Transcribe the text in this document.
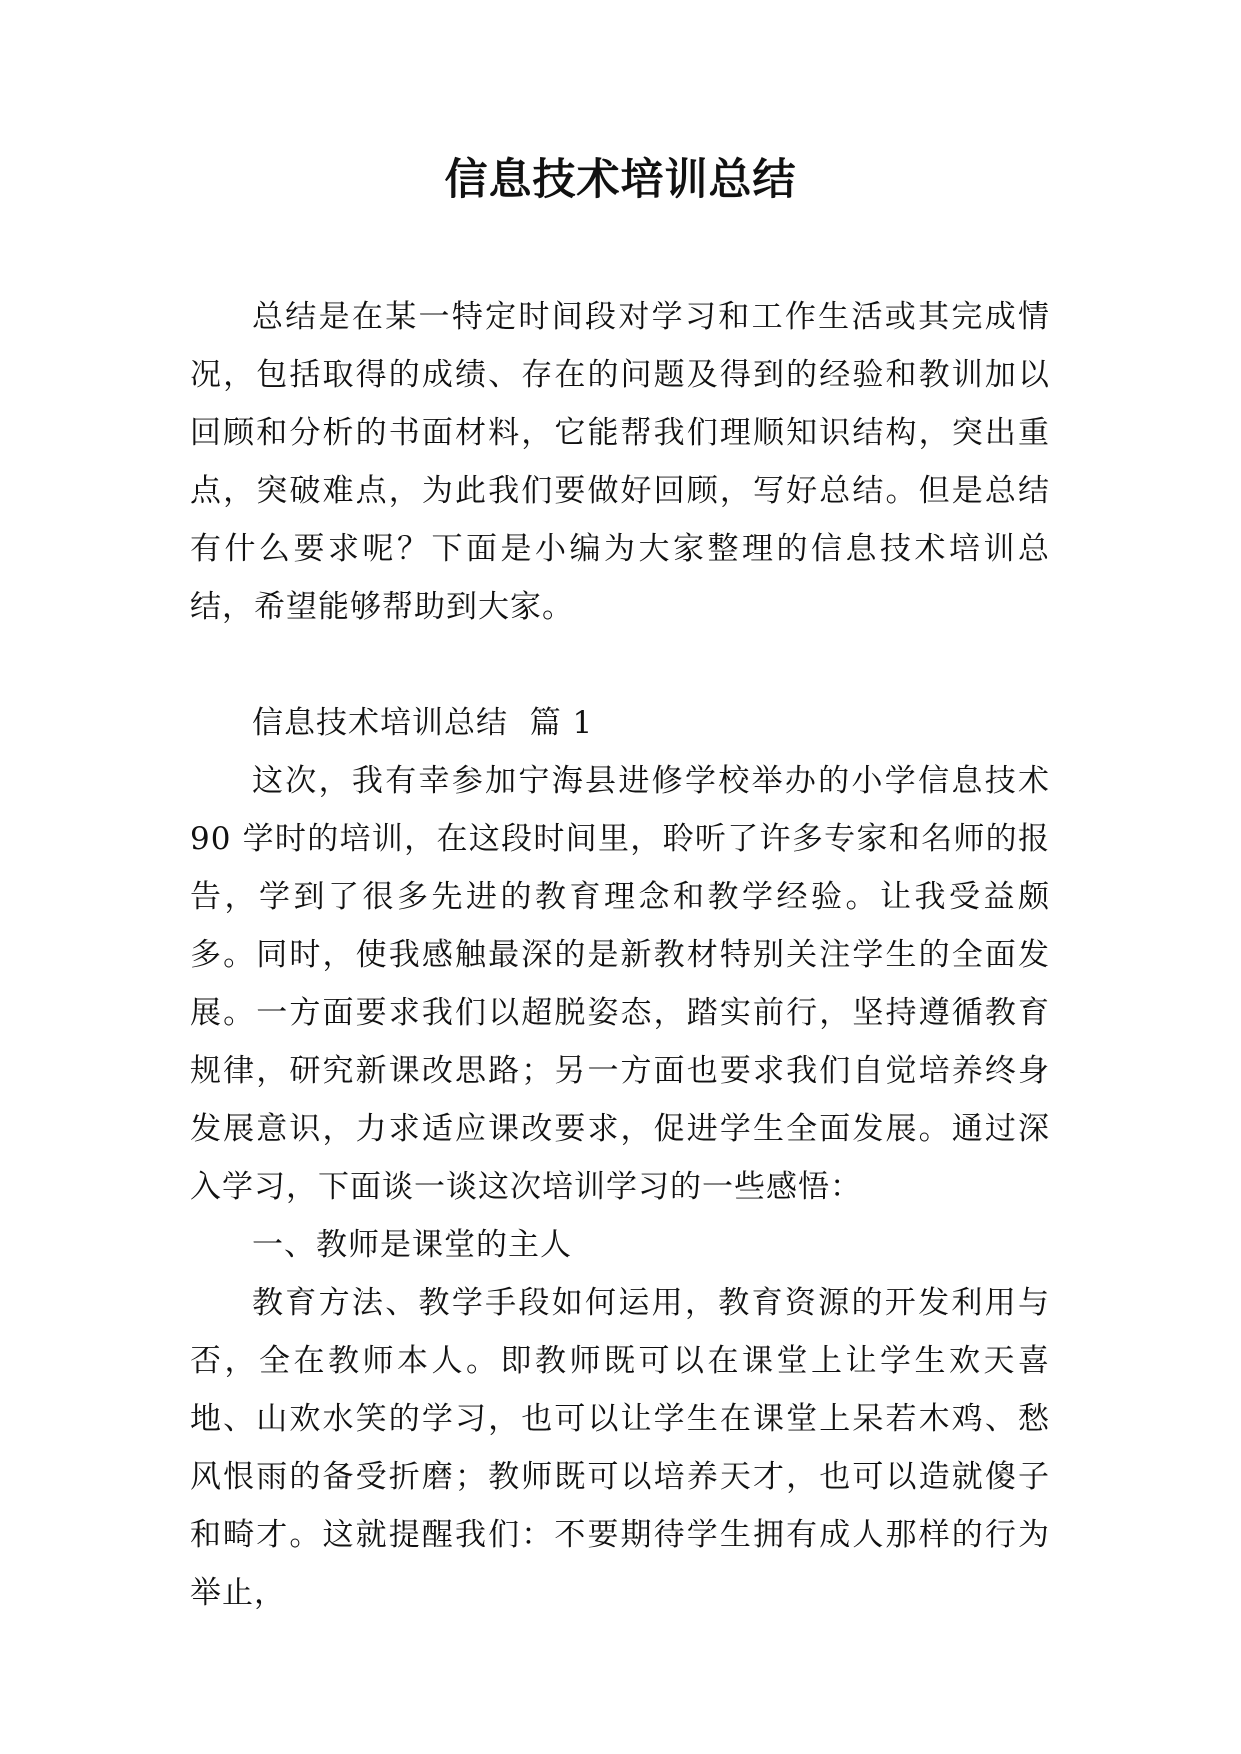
信息技术培训总结

总结是在某一特定时间段对学习和工作生活或其完成情况，包括取得的成绩、存在的问题及得到的经验和教训加以回顾和分析的书面材料，它能帮我们理顺知识结构，突出重点，突破难点，为此我们要做好回顾，写好总结。但是总结有什么要求呢？下面是小编为大家整理的信息技术培训总结，希望能够帮助到大家。

信息技术培训总结  篇 1

这次，我有幸参加宁海县进修学校举办的小学信息技术 90 学时的培训，在这段时间里，聆听了许多专家和名师的报告，学到了很多先进的教育理念和教学经验。让我受益颇多。同时，使我感触最深的是新教材特别关注学生的全面发展。一方面要求我们以超脱姿态，踏实前行，坚持遵循教育规律，研究新课改思路；另一方面也要求我们自觉培养终身发展意识，力求适应课改要求，促进学生全面发展。通过深入学习，下面谈一谈这次培训学习的一些感悟：

一、教师是课堂的主人

教育方法、教学手段如何运用，教育资源的开发利用与否，全在教师本人。即教师既可以在课堂上让学生欢天喜地、山欢水笑的学习，也可以让学生在课堂上呆若木鸡、愁风恨雨的备受折磨；教师既可以培养天才，也可以造就傻子和畸才。这就提醒我们：不要期待学生拥有成人那样的行为举止，
